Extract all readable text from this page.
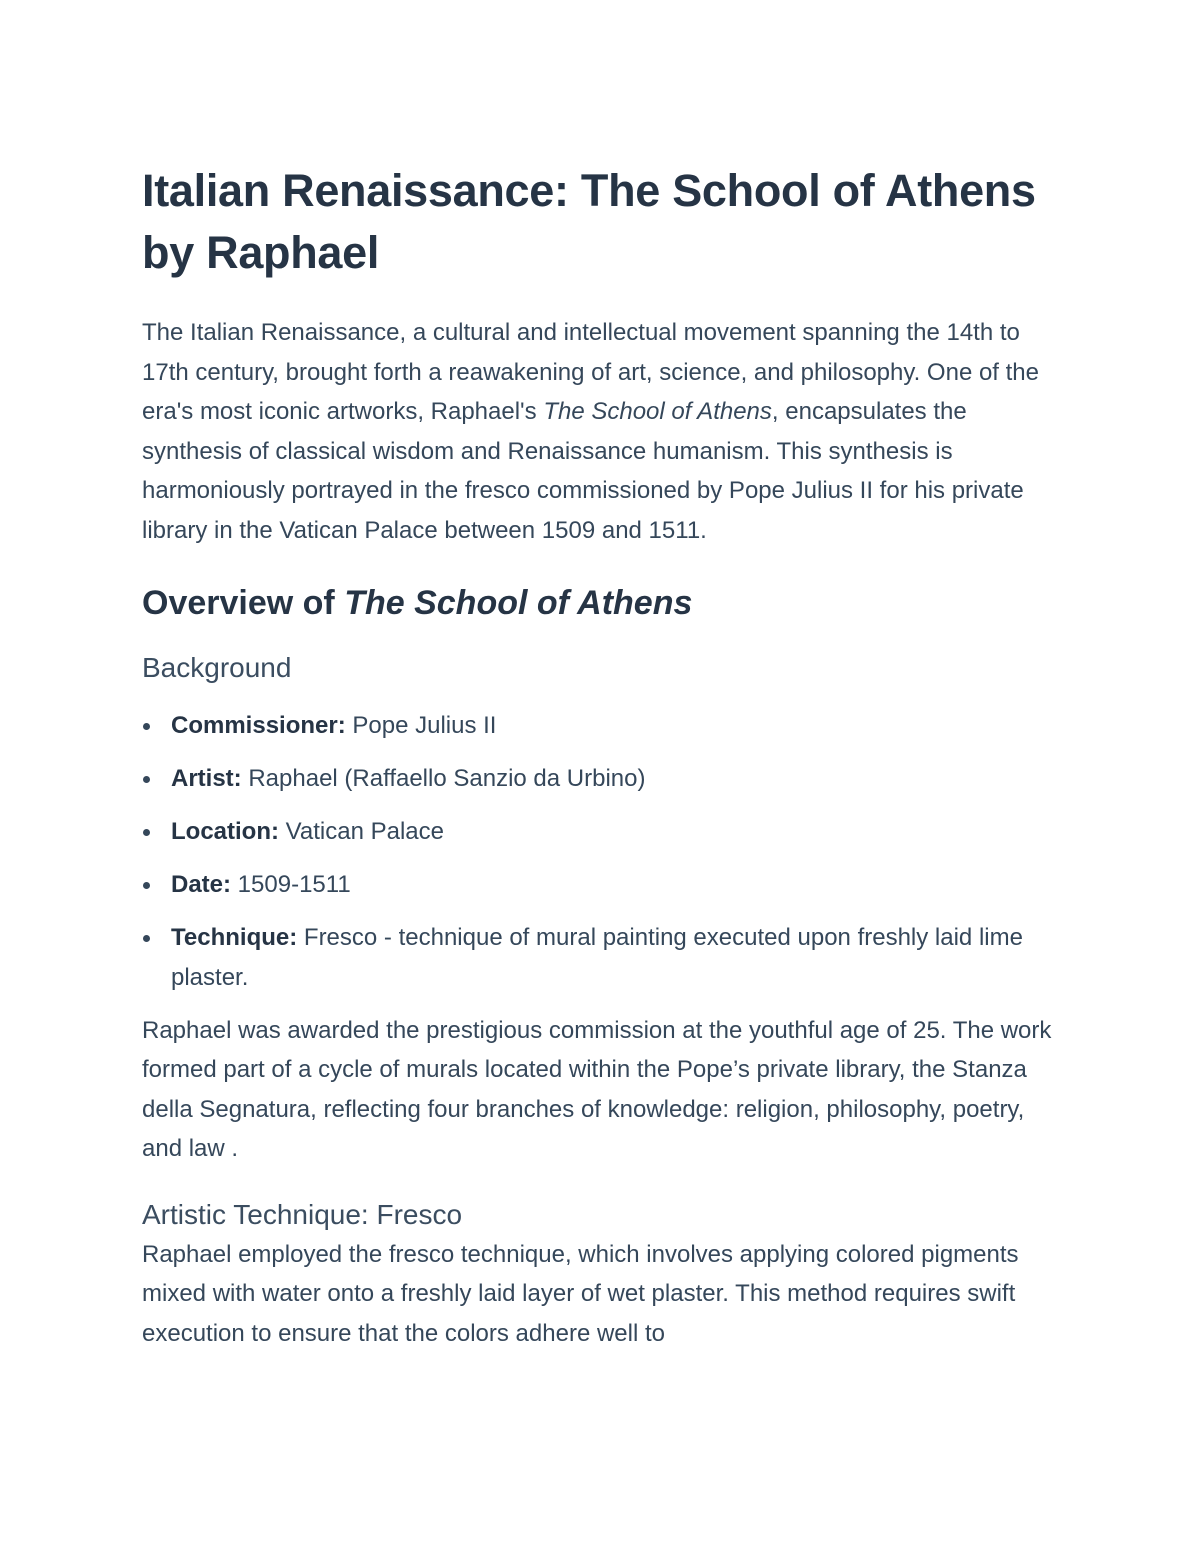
Italian Renaissance: The School of Athens by Raphael

The Italian Renaissance, a cultural and intellectual movement spanning the 14th to 17th century, brought forth a reawakening of art, science, and philosophy. One of the era's most iconic artworks, Raphael's The School of Athens, encapsulates the synthesis of classical wisdom and Renaissance humanism. This synthesis is harmoniously portrayed in the fresco commissioned by Pope Julius II for his private library in the Vatican Palace between 1509 and 1511.

Overview of The School of Athens
Background
Commissioner: Pope Julius II
Artist: Raphael (Raffaello Sanzio da Urbino)
Location: Vatican Palace
Date: 1509-1511
Technique: Fresco - technique of mural painting executed upon freshly laid lime plaster.

Raphael was awarded the prestigious commission at the youthful age of 25. The work formed part of a cycle of murals located within the Pope’s private library, the Stanza della Segnatura, reflecting four branches of knowledge: religion, philosophy, poetry, and law .

Artistic Technique: Fresco

Raphael employed the fresco technique, which involves applying colored pigments mixed with water onto a freshly laid layer of wet plaster. This method requires swift execution to ensure that the colors adhere well to
